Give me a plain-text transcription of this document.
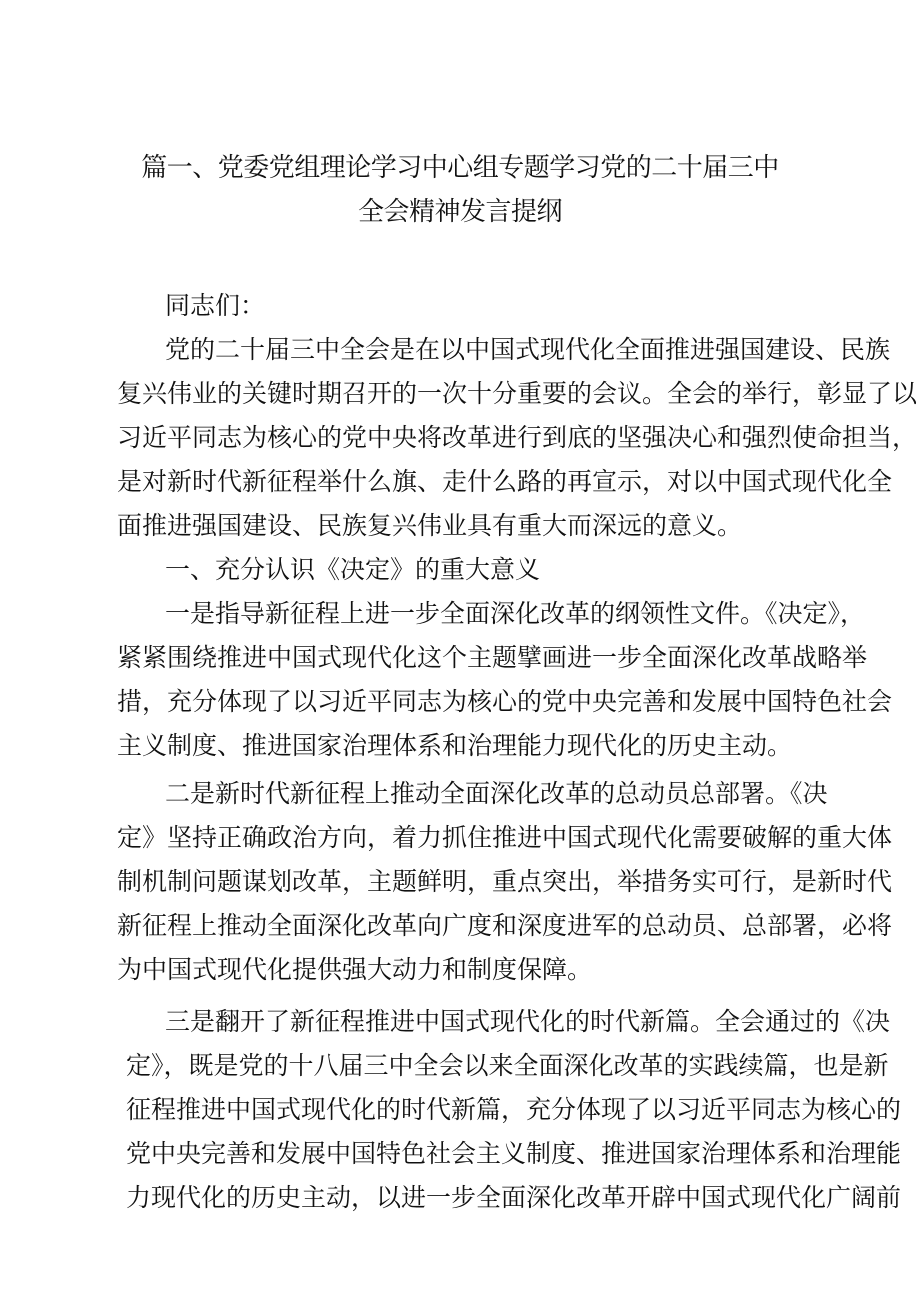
篇一、党委党组理论学习中心组专题学习党的二十届三中
全会精神发言提纲
同志们：
党的二十届三中全会是在以中国式现代化全面推进强国建设、民族
复兴伟业的关键时期召开的一次十分重要的会议。全会的举行，彰显了以
习近平同志为核心的党中央将改革进行到底的坚强决心和强烈使命担当，
是对新时代新征程举什么旗、走什么路的再宣示，对以中国式现代化全
面推进强国建设、民族复兴伟业具有重大而深远的意义。
一、充分认识《决定》的重大意义
一是指导新征程上进一步全面深化改革的纲领性文件。《决定》，
紧紧围绕推进中国式现代化这个主题擘画进一步全面深化改革战略举
措，充分体现了以习近平同志为核心的党中央完善和发展中国特色社会
主义制度、推进国家治理体系和治理能力现代化的历史主动。
二是新时代新征程上推动全面深化改革的总动员总部署。《决
定》坚持正确政治方向，着力抓住推进中国式现代化需要破解的重大体
制机制问题谋划改革，主题鲜明，重点突出，举措务实可行，是新时代
新征程上推动全面深化改革向广度和深度进军的总动员、总部署，必将
为中国式现代化提供强大动力和制度保障。
三是翻开了新征程推进中国式现代化的时代新篇。全会通过的《决
定》，既是党的十八届三中全会以来全面深化改革的实践续篇，也是新
征程推进中国式现代化的时代新篇，充分体现了以习近平同志为核心的
党中央完善和发展中国特色社会主义制度、推进国家治理体系和治理能
力现代化的历史主动，以进一步全面深化改革开辟中国式现代化广阔前
